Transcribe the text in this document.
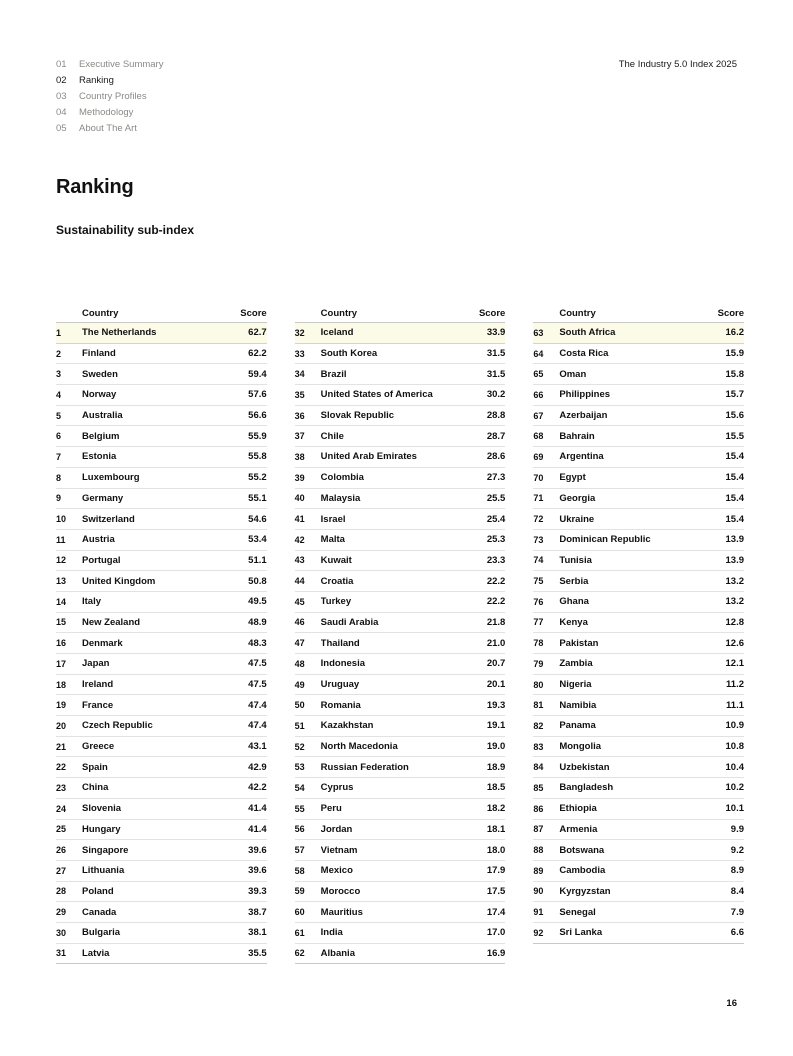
01 Executive Summary
02 Ranking
03 Country Profiles
04 Methodology
05 About The Art
The Industry 5.0 Index 2025
Ranking
Sustainability sub-index
Country	Score
1	The Netherlands	62.7
2	Finland	62.2
3	Sweden	59.4
4	Norway	57.6
5	Australia	56.6
6	Belgium	55.9
7	Estonia	55.8
8	Luxembourg	55.2
9	Germany	55.1
10	Switzerland	54.6
11	Austria	53.4
12	Portugal	51.1
13	United Kingdom	50.8
14	Italy	49.5
15	New Zealand	48.9
16	Denmark	48.3
17	Japan	47.5
18	Ireland	47.5
19	France	47.4
20	Czech Republic	47.4
21	Greece	43.1
22	Spain	42.9
23	China	42.2
24	Slovenia	41.4
25	Hungary	41.4
26	Singapore	39.6
27	Lithuania	39.6
28	Poland	39.3
29	Canada	38.7
30	Bulgaria	38.1
31	Latvia	35.5
Country	Score
32	Iceland	33.9
33	South Korea	31.5
34	Brazil	31.5
35	United States of America	30.2
36	Slovak Republic	28.8
37	Chile	28.7
38	United Arab Emirates	28.6
39	Colombia	27.3
40	Malaysia	25.5
41	Israel	25.4
42	Malta	25.3
43	Kuwait	23.3
44	Croatia	22.2
45	Turkey	22.2
46	Saudi Arabia	21.8
47	Thailand	21.0
48	Indonesia	20.7
49	Uruguay	20.1
50	Romania	19.3
51	Kazakhstan	19.1
52	North Macedonia	19.0
53	Russian Federation	18.9
54	Cyprus	18.5
55	Peru	18.2
56	Jordan	18.1
57	Vietnam	18.0
58	Mexico	17.9
59	Morocco	17.5
60	Mauritius	17.4
61	India	17.0
62	Albania	16.9
Country	Score
63	South Africa	16.2
64	Costa Rica	15.9
65	Oman	15.8
66	Philippines	15.7
67	Azerbaijan	15.6
68	Bahrain	15.5
69	Argentina	15.4
70	Egypt	15.4
71	Georgia	15.4
72	Ukraine	15.4
73	Dominican Republic	13.9
74	Tunisia	13.9
75	Serbia	13.2
76	Ghana	13.2
77	Kenya	12.8
78	Pakistan	12.6
79	Zambia	12.1
80	Nigeria	11.2
81	Namibia	11.1
82	Panama	10.9
83	Mongolia	10.8
84	Uzbekistan	10.4
85	Bangladesh	10.2
86	Ethiopia	10.1
87	Armenia	9.9
88	Botswana	9.2
89	Cambodia	8.9
90	Kyrgyzstan	8.4
91	Senegal	7.9
92	Sri Lanka	6.6
16
